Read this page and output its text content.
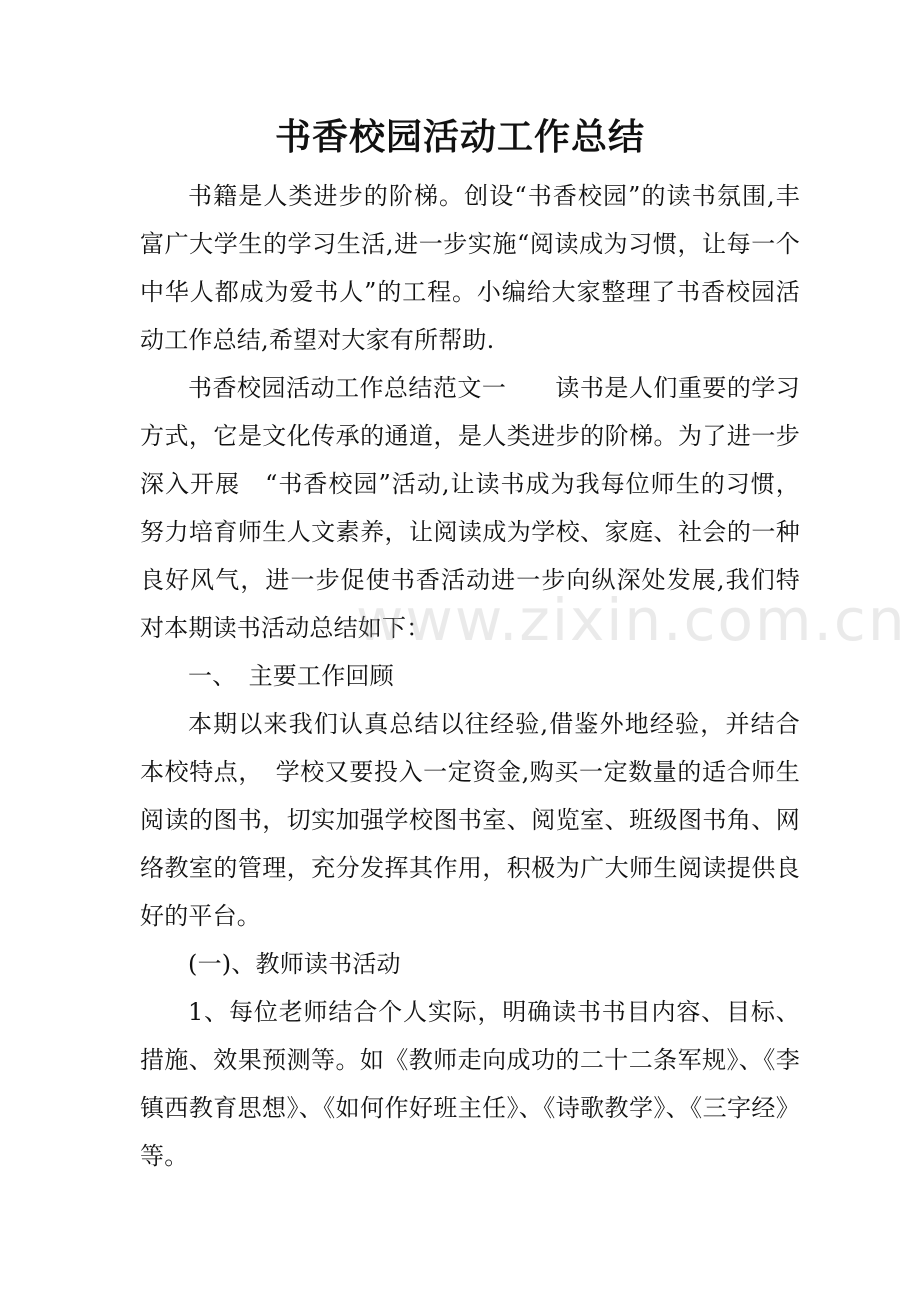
书香校园活动工作总结

书籍是人类进步的阶梯。创设“书香校园”的读书氛围,丰富广大学生的学习生活,进一步实施“阅读成为习惯，让每一个中华人都成为爱书人”的工程。小编给大家整理了书香校园活动工作总结,希望对大家有所帮助.

书香校园活动工作总结范文一　　读书是人们重要的学习方式，它是文化传承的通道，是人类进步的阶梯。为了进一步深入开展　“书香校园”活动,让读书成为我每位师生的习惯，努力培育师生人文素养，让阅读成为学校、家庭、社会的一种良好风气，进一步促使书香活动进一步向纵深处发展,我们特对本期读书活动总结如下：

一、　主要工作回顾

本期以来我们认真总结以往经验,借鉴外地经验，并结合本校特点，　学校又要投入一定资金,购买一定数量的适合师生阅读的图书，切实加强学校图书室、阅览室、班级图书角、网络教室的管理，充分发挥其作用，积极为广大师生阅读提供良好的平台。

(一)、教师读书活动

1、每位老师结合个人实际，明确读书书目内容、目标、措施、效果预测等。如《教师走向成功的二十二条军规》、《李镇西教育思想》、《如何作好班主任》、《诗歌教学》、《三字经》等。

www.zixin.com.cn
